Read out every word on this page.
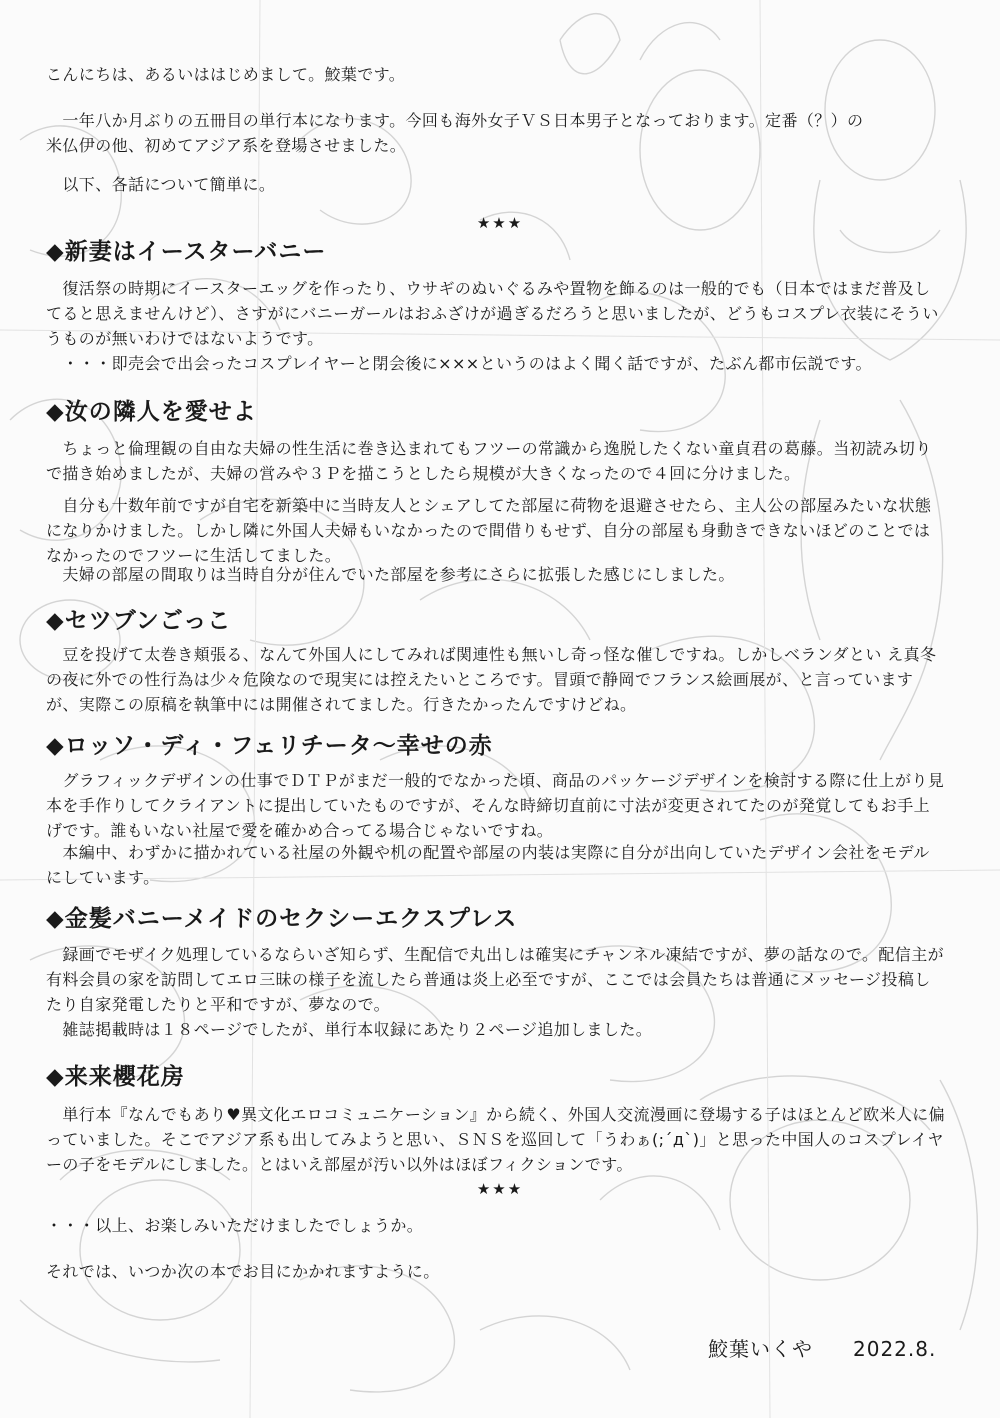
こんにちは、あるいははじめまして。鮫葉です。

　一年八か月ぶりの五冊目の単行本になります。今回も海外女子ＶＳ日本男子となっております。定番（？）の
米仏伊の他、初めてアジア系を登場させました。

　以下、各話について簡単に。

★★★
◆新妻はイースターバニー

　復活祭の時期にイースターエッグを作ったり、ウサギのぬいぐるみや置物を飾るのは一般的でも（日本ではまだ普及してると思えませんけど）、さすがにバニーガールはおふざけが過ぎるだろうと思いましたが、どうもコスプレ衣装にそういうものが無いわけではないようです。

　・・・即売会で出会ったコスプレイヤーと閉会後に×××というのはよく聞く話ですが、たぶん都市伝説です。

◆汝の隣人を愛せよ

　ちょっと倫理観の自由な夫婦の性生活に巻き込まれてもフツーの常識から逸脱したくない童貞君の葛藤。当初読み切りで描き始めましたが、夫婦の営みや３Ｐを描こうとしたら規模が大きくなったので４回に分けました。

　自分も十数年前ですが自宅を新築中に当時友人とシェアしてた部屋に荷物を退避させたら、主人公の部屋みたいな状態になりかけました。しかし隣に外国人夫婦もいなかったので間借りもせず、自分の部屋も身動きできないほどのことではなかったのでフツーに生活してました。

　夫婦の部屋の間取りは当時自分が住んでいた部屋を参考にさらに拡張した感じにしました。

◆セツブンごっこ

　豆を投げて太巻き頬張る、なんて外国人にしてみれば関連性も無いし奇っ怪な催しですね。しかしベランダとい え真冬の夜に外での性行為は少々危険なので現実には控えたいところです。冒頭で静岡でフランス絵画展が、と言っていますが、実際この原稿を執筆中には開催されてました。行きたかったんですけどね。

◆ロッソ・ディ・フェリチータ～幸せの赤

　グラフィックデザインの仕事でＤＴＰがまだ一般的でなかった頃、商品のパッケージデザインを検討する際に仕上がり見本を手作りしてクライアントに提出していたものですが、そんな時締切直前に寸法が変更されてたのが発覚してもお手上げです。誰もいない社屋で愛を確かめ合ってる場合じゃないですね。

　本編中、わずかに描かれている社屋の外観や机の配置や部屋の内装は実際に自分が出向していたデザイン会社をモデルにしています。

◆金髪バニーメイドのセクシーエクスプレス

　録画でモザイク処理しているならいざ知らず、生配信で丸出しは確実にチャンネル凍結ですが、夢の話なので。配信主が有料会員の家を訪問してエロ三昧の様子を流したら普通は炎上必至ですが、ここでは会員たちは普通にメッセージ投稿したり自家発電したりと平和ですが、夢なので。

　雑誌掲載時は１８ページでしたが、単行本収録にあたり２ページ追加しました。

◆来来櫻花房

　単行本『なんでもあり♥異文化エロコミュニケーション』から続く、外国人交流漫画に登場する子はほとんど欧米人に偏っていました。そこでアジア系も出してみようと思い、ＳＮＳを巡回して「うわぁ(;´д`)」と思った中国人のコスプレイヤーの子をモデルにしました。とはいえ部屋が汚い以外はほぼフィクションです。

★★★

・・・以上、お楽しみいただけましたでしょうか。

それでは、いつか次の本でお目にかかれますように。

鮫葉いくや 2022.8.
